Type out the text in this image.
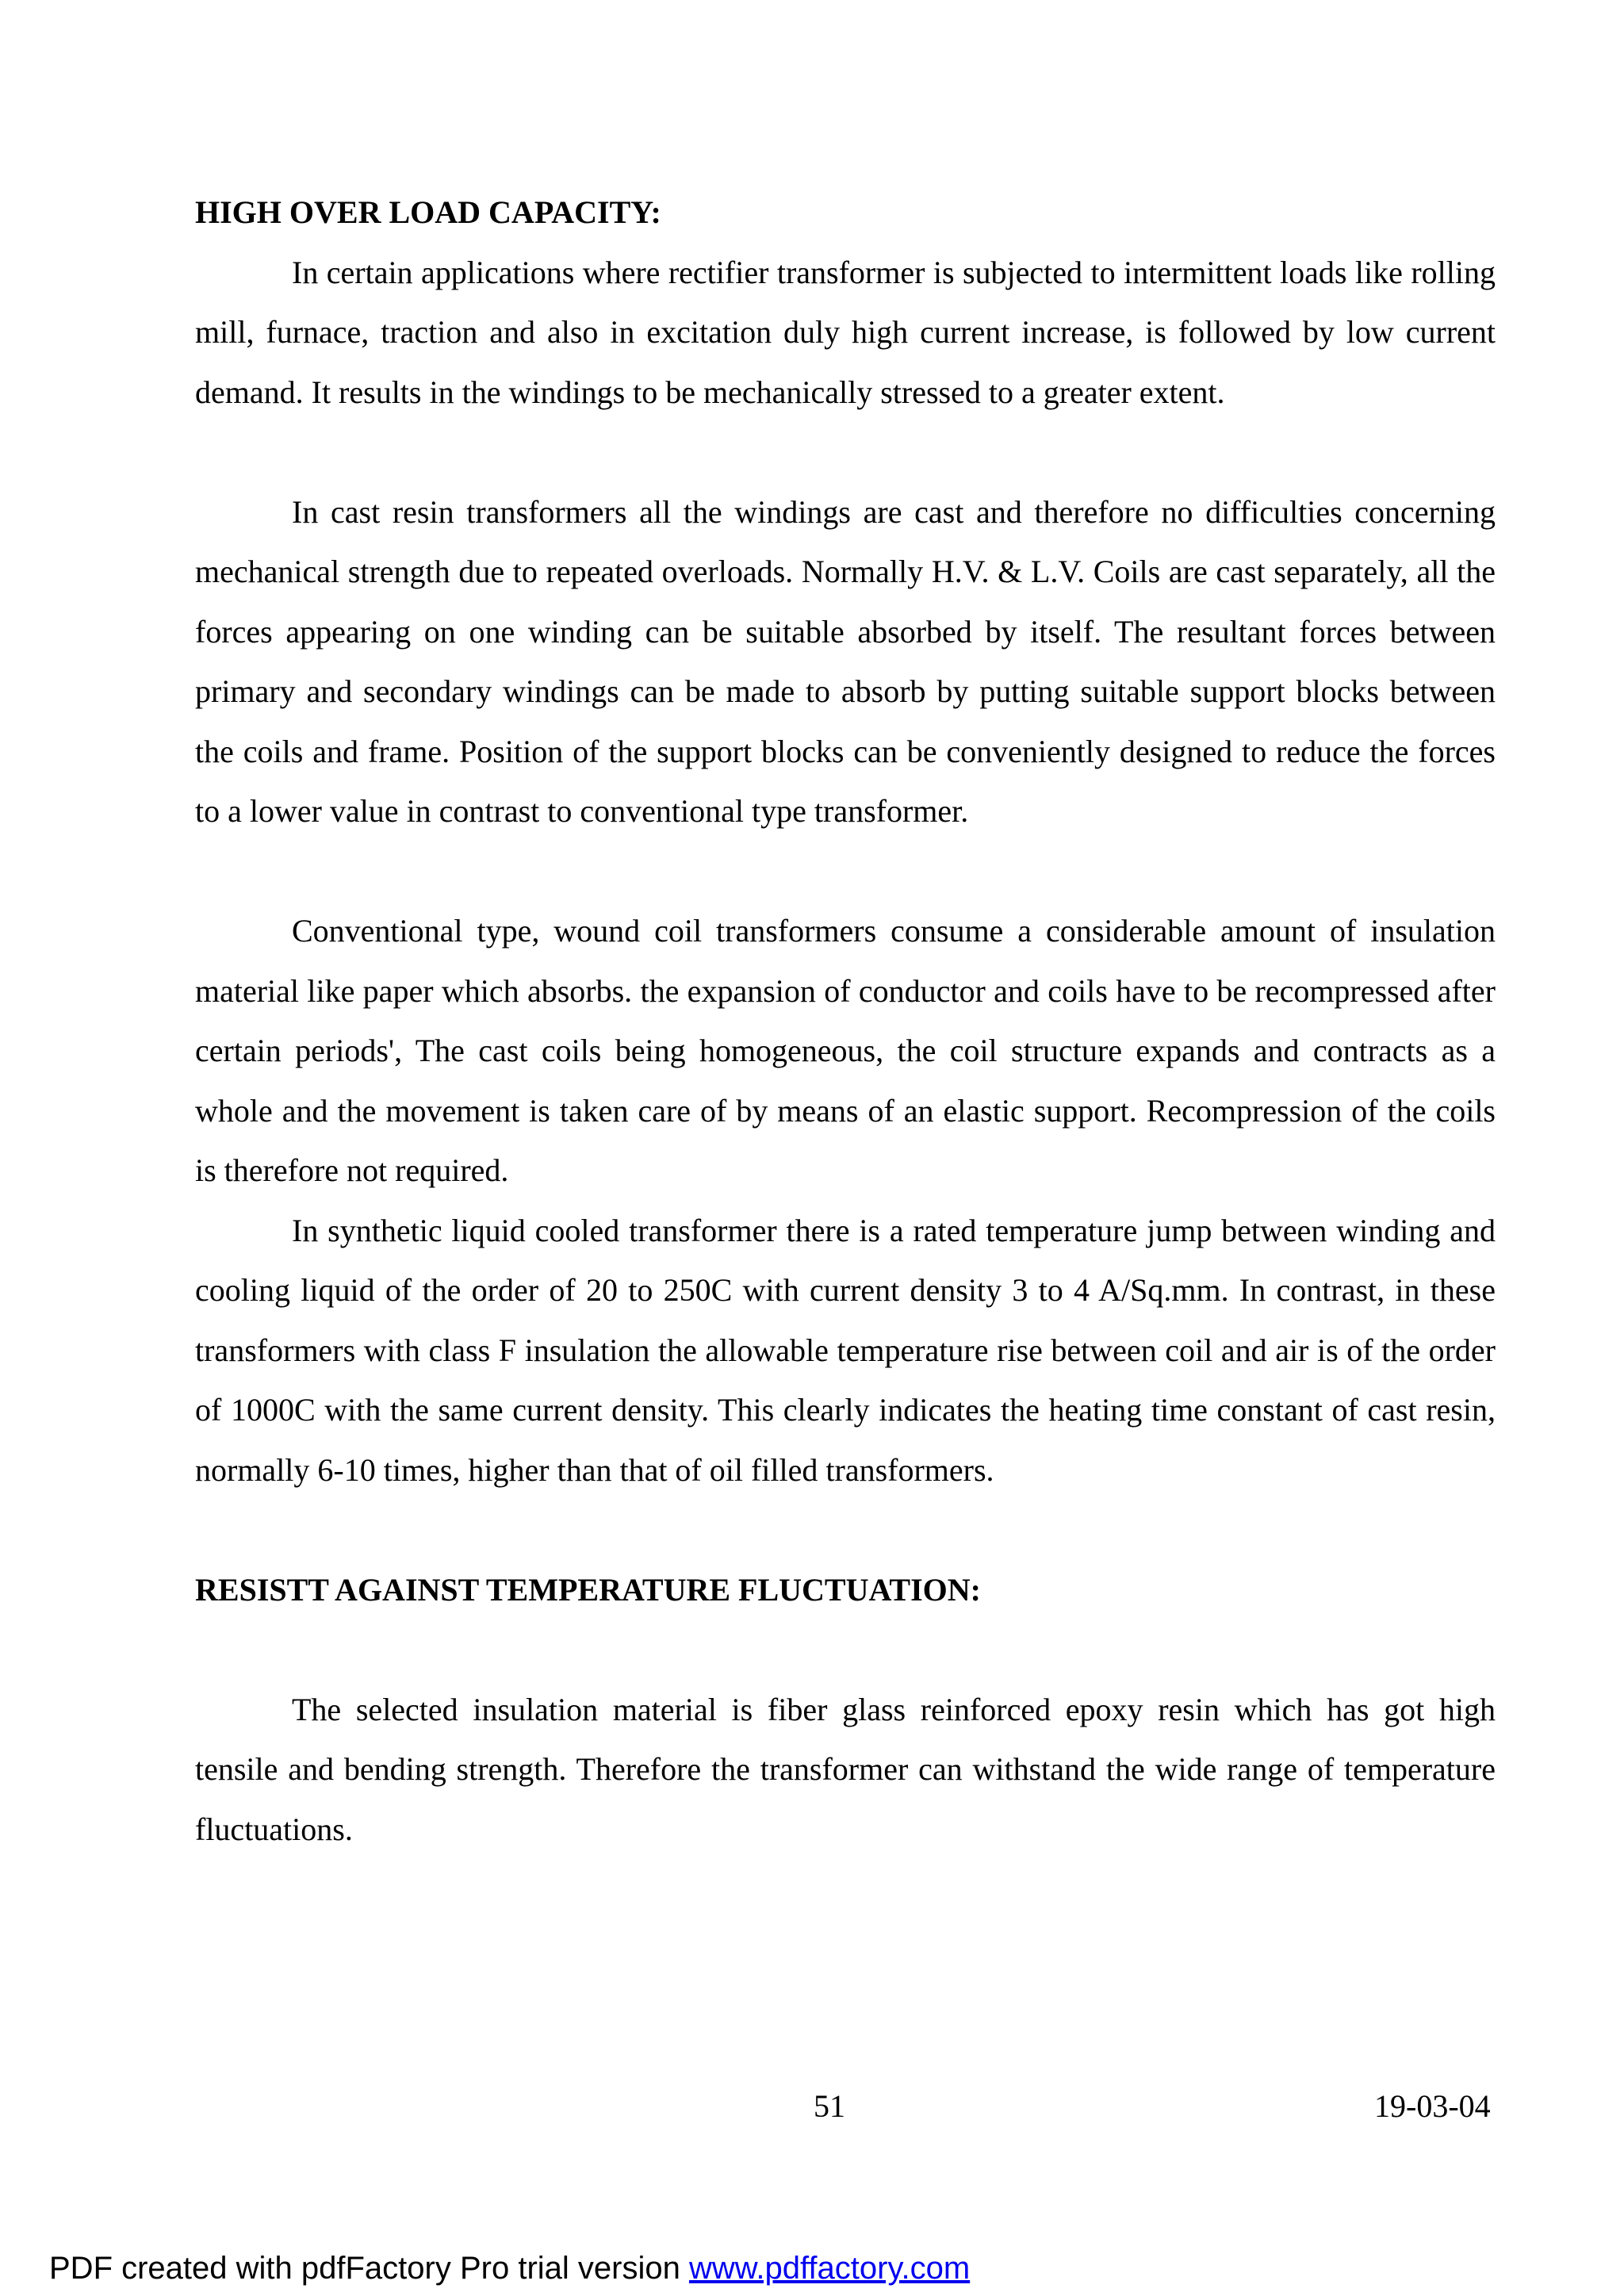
HIGH OVER LOAD CAPACITY:

In certain applications where rectifier transformer is subjected to intermittent loads like rolling mill, furnace, traction and also in excitation duly high current increase, is followed by low current demand. It results in the windings to be mechanically stressed to a greater extent.

In cast resin transformers all the windings are cast and therefore no difficulties concerning mechanical strength due to repeated overloads. Normally H.V. & L.V. Coils are cast separately, all the forces appearing on one winding can be suitable absorbed by itself. The resultant forces between primary and secondary windings can be made to absorb by putting suitable support blocks between the coils and frame. Position of the support blocks can be conveniently designed to reduce the forces to a lower value in contrast to conventional type transformer.

Conventional type, wound coil transformers consume a considerable amount of insulation material like paper which absorbs. the expansion of conductor and coils have to be recompressed after certain periods', The cast coils being homogeneous, the coil structure expands and contracts as a whole and the movement is taken care of by means of an elastic support. Recompression of the coils is therefore not required.

In synthetic liquid cooled transformer there is a rated temperature jump between winding and cooling liquid of the order of 20 to 250C with current density 3 to 4 A/Sq.mm. In contrast, in these transformers with class F insulation the allowable temperature rise between coil and air is of the order of 1000C with the same current density. This clearly indicates the heating time constant of cast resin, normally 6-10 times, higher than that of oil filled transformers.

RESISTT AGAINST TEMPERATURE FLUCTUATION:

The selected insulation material is fiber glass reinforced epoxy resin which has got high tensile and bending strength. Therefore the transformer can withstand the wide range of temperature fluctuations.

51	19-03-04
PDF created with pdfFactory Pro trial version www.pdffactory.com
